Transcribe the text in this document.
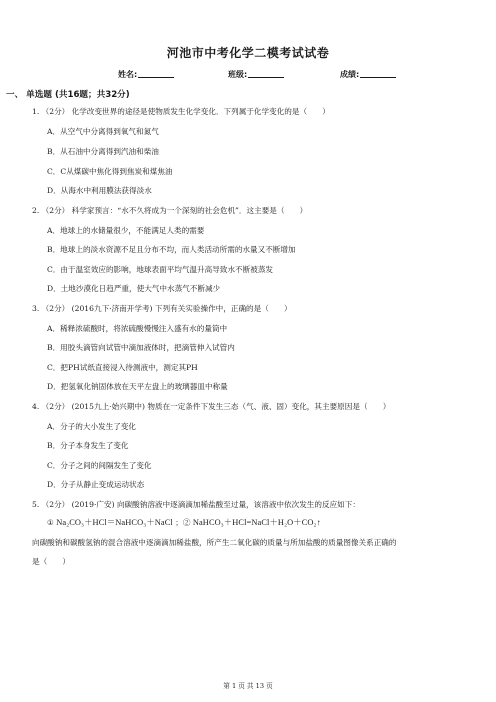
河池市中考化学二模考试试卷
姓名:	班级:	成绩:
一、 单选题 (共16题；共32分)
1. （2分） 化学改变世界的途径是使物质发生化学变化．下列属于化学变化的是（　　）
A．从空气中分离得到氧气和氮气
B．从石油中分离得到汽油和柴油
C．C从煤碳中焦化得到焦炭和煤焦油
D．从海水中利用膜法获得淡水
2. （2分） 科学家预言：“水不久将成为一个深刻的社会危机”．这主要是（　　）
A．地球上的水储量很少，不能满足人类的需要
B．地球上的淡水资源不足且分布不均，而人类活动所需的水量又不断增加
C．由于温室效应的影响，地球表面平均气温升高导致水不断被蒸发
D．土地沙漠化日趋严重，使大气中水蒸气不断减少
3. （2分） (2016九下·济南开学考) 下列有关实验操作中，正确的是（　　）
A．稀释浓硫酸时，将浓硫酸慢慢注入盛有水的量筒中
B．用胶头滴管向试管中滴加液体时，把滴管伸入试管内
C．把PH试纸直接浸入待测液中，测定其PH
D．把氢氧化钠固体放在天平左盘上的玻璃器皿中称量
4. （2分） (2015九上·始兴期中) 物质在一定条件下发生三态（气、液、固）变化，其主要原因是（　　）
A．分子的大小发生了变化
B．分子本身发生了变化
C．分子之间的间隔发生了变化
D．分子从静止变成运动状态
5. （2分） (2019·广安) 向碳酸钠溶液中逐滴滴加稀盐酸至过量，该溶液中依次发生的反应如下：
① Na₂CO₃＋HCl＝NaHCO₃＋NaCl ；② NaHCO₃＋HCl=NaCl＋H₂O＋CO₂↑
向碳酸钠和碳酸氢钠的混合溶液中逐滴滴加稀盐酸，所产生二氧化碳的质量与所加盐酸的质量图像关系正确的
是（　　）
第 1 页 共 13 页
